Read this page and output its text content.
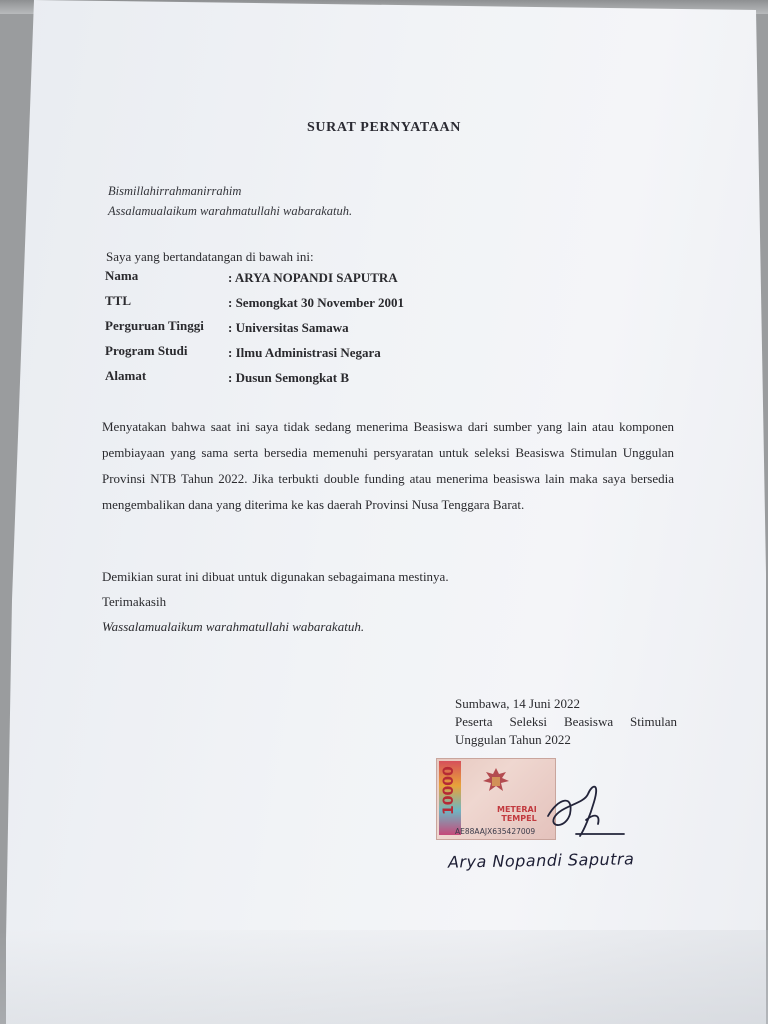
SURAT PERNYATAAN
Bismillahirrahmanirrahim
Assalamualaikum warahmatullahi wabarakatuh.
Saya yang bertandatangan di bawah ini:
Nama	: ARYA NOPANDI SAPUTRA
TTL	: Semongkat 30 November 2001
Perguruan Tinggi : Universitas Samawa
Program Studi	: Ilmu Administrasi Negara
Alamat	: Dusun Semongkat B
Menyatakan bahwa saat ini saya tidak sedang menerima Beasiswa dari sumber yang lain atau komponen pembiayaan yang sama serta bersedia memenuhi persyaratan untuk seleksi Beasiswa Stimulan Unggulan Provinsi NTB Tahun 2022. Jika terbukti double funding atau menerima beasiswa lain maka saya bersedia mengembalikan dana yang diterima ke kas daerah Provinsi Nusa Tenggara Barat.
Demikian surat ini dibuat untuk digunakan sebagaimana mestinya.
Terimakasih
Wassalamualaikum warahmatullahi wabarakatuh.
Sumbawa, 14 Juni 2022
Peserta Seleksi Beasiswa Stimulan
Unggulan Tahun 2022
10000	METERAI
TEMPEL
AE88AAJX635427009
Arya Nopandi Saputra
